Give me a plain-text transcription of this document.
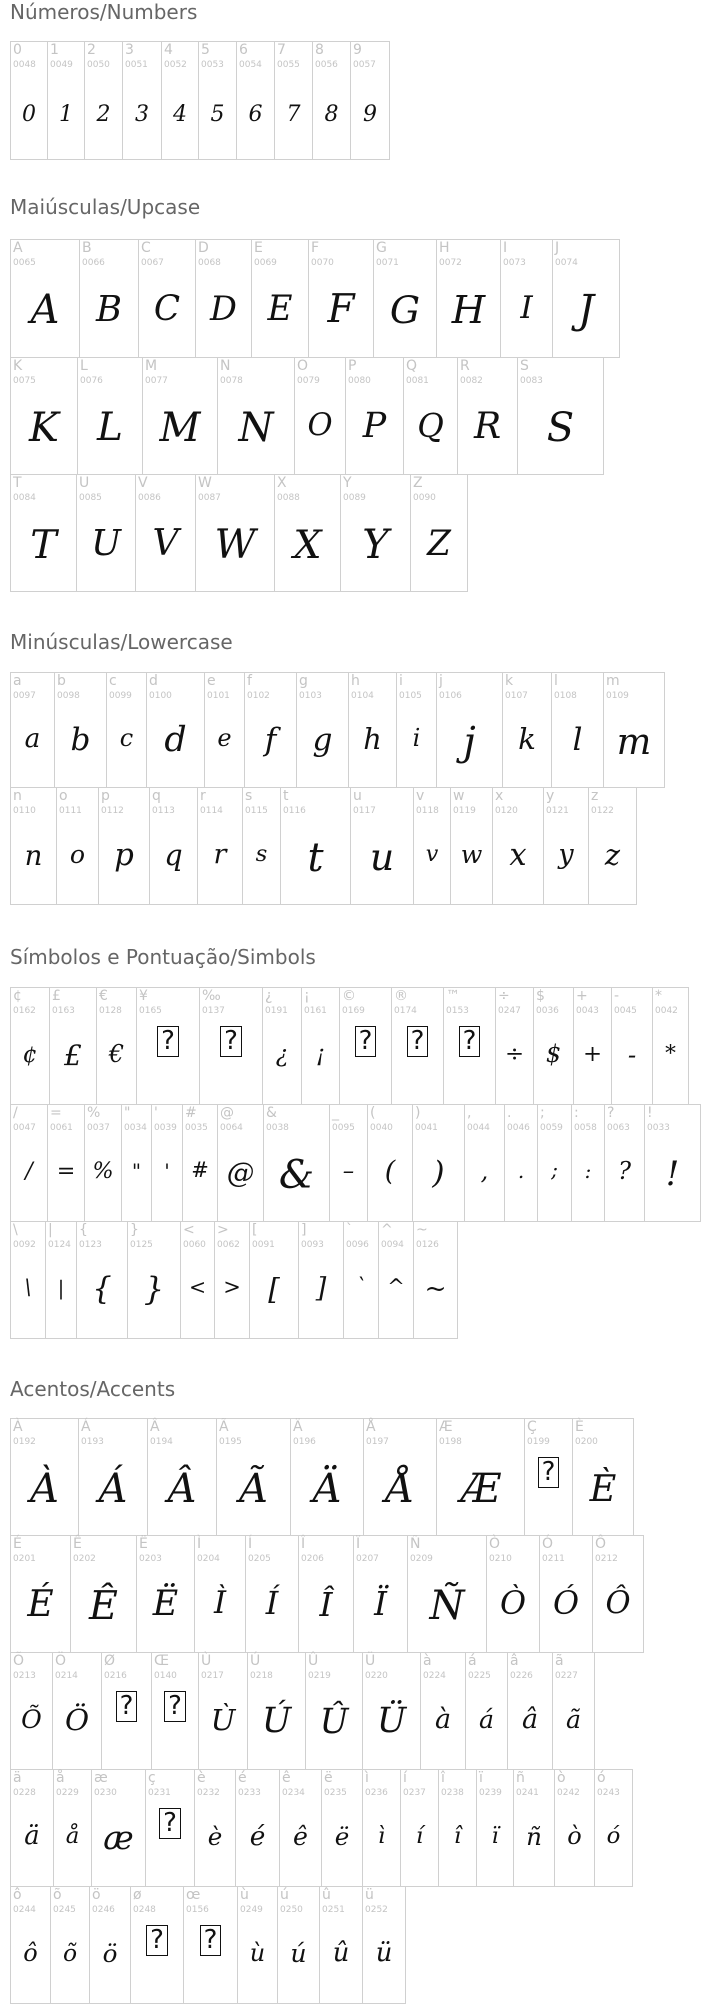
Números/Numbers
0
0048
0
1
0049
1
2
0050
2
3
0051
3
4
0052
4
5
0053
5
6
0054
6
7
0055
7
8
0056
8
9
0057
9
Maiúsculas/Upcase
A
0065
A
B
0066
B
C
0067
C
D
0068
D
E
0069
E
F
0070
F
G
0071
G
H
0072
H
I
0073
I
J
0074
J
K
0075
K
L
0076
L
M
0077
M
N
0078
N
O
0079
O
P
0080
P
Q
0081
Q
R
0082
R
S
0083
S
T
0084
T
U
0085
U
V
0086
V
W
0087
W
X
0088
X
Y
0089
Y
Z
0090
Z
Minúsculas/Lowercase
a
0097
a
b
0098
b
c
0099
c
d
0100
d
e
0101
e
f
0102
f
g
0103
g
h
0104
h
i
0105
i
j
0106
j
k
0107
k
l
0108
l
m
0109
m
n
0110
n
o
0111
o
p
0112
p
q
0113
q
r
0114
r
s
0115
s
t
0116
t
u
0117
u
v
0118
v
w
0119
w
x
0120
x
y
0121
y
z
0122
z
Símbolos e Pontuação/Simbols
¢
0162
¢
£
0163
£
€
0128
€
¥
0165
?
‰
0137
?
¿
0191
¿
¡
0161
¡
©
0169
?
®
0174
?
™
0153
?
÷
0247
÷
$
0036
$
+
0043
+
-
0045
-
*
0042
*
/
0047
/
=
0061
=
%
0037
%
"
0034
"
'
0039
'
#
0035
#
@
0064
@
&
0038
&
_
0095
–
(
0040
(
)
0041
)
,
0044
,
.
0046
.
;
0059
;
:
0058
:
?
0063
?
!
0033
!
\
0092
\
|
0124
|
{
0123
{
}
0125
}
<
0060
<
>
0062
>
[
0091
[
]
0093
]
`
0096
`
^
0094
^
~
0126
~
Acentos/Accents
À
0192
À
Á
0193
Á
Â
0194
Â
Ã
0195
Ã
Ä
0196
Ä
Å
0197
Å
Æ
0198
Æ
Ç
0199
?
È
0200
È
É
0201
É
Ê
0202
Ê
Ë
0203
Ë
Ì
0204
Ì
Í
0205
Í
Î
0206
Î
Ï
0207
Ï
Ñ
0209
Ñ
Ò
0210
Ò
Ó
0211
Ó
Ô
0212
Ô
Õ
0213
Õ
Ö
0214
Ö
Ø
0216
?
Œ
0140
?
Ù
0217
Ù
Ú
0218
Ú
Û
0219
Û
Ü
0220
Ü
à
0224
à
á
0225
á
â
0226
â
ã
0227
ã
ä
0228
ä
å
0229
å
æ
0230
æ
ç
0231
?
è
0232
è
é
0233
é
ê
0234
ê
ë
0235
ë
ì
0236
ì
í
0237
í
î
0238
î
ï
0239
ï
ñ
0241
ñ
ò
0242
ò
ó
0243
ó
ô
0244
ô
õ
0245
õ
ö
0246
ö
ø
0248
?
œ
0156
?
ù
0249
ù
ú
0250
ú
û
0251
û
ü
0252
ü
